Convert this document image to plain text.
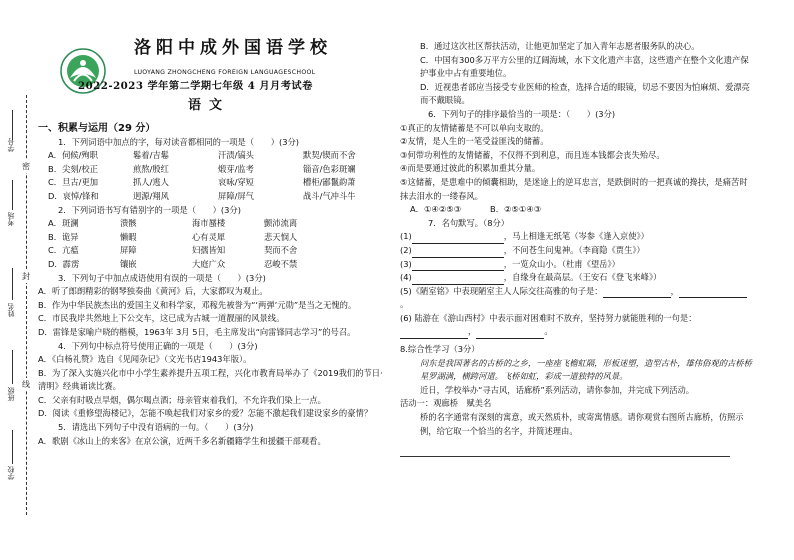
学号
考场
姓名
班级
学校
密
封
线
洛阳中成外国语学校
LUOYANG ZHONGCHENG FOREIGN LANGUAGESCHOOL
2022-2023 学年第二学期七年级 4 月月考试卷
语文
一、积累与运用（29 分）

1．下列词语中加点的字，每对读音都相同的一项是（　　）(3分)

A．伺候/殉职	鬈着/吉鬈	汗渍/镐头	默契/锲而不舍
B．尖刻/校正	煎熬/殷红	煅芽/监考	锱音/色彩斑斓
C．旦古/更加	抓人/逃人	哀咏/穿短	槽柜/鄙鬣韵萧
D．哀悼/锋和	迥源/翔风	屏障/屏气	战斗/气冲斗牛

2．下列词语书写有错别字的一项是（　　）(3分)

A．斑澜	溃骸	海市蜃楼	颤沛流离
B．诡异	懒暇	心有灵犀	悲天悯人
C．亢瘟	屏障	妇孺皆知	契而不舍
D．霹雳	镶嵌	大庭广众	忍峻不禁

3．下列句子中加点成语使用有误的一项是（　　）(3分)

A．听了郎朗精彩的钢琴独奏曲《黄河》后，大家都叹为观止。

B．作为中华民族杰出的爱国主义和科学家，邓稼先被誉为“‘两弹’元勋”是当之无愧的。

C．市民我岸共然地上下公交车，这已成为古城一道靓丽的风景线。

D．雷锋是家喻户晓的楷模，1963年 3月 5日，毛主席发出“向雷锋同志学习”的号召。

4．下列句中标点符号使用正确的一项是（　　）(3分)

A．《白杨礼赞》选自《见闻杂记》（文光书店1943年版）。

B．为了深入实施兴化市中小学生素养提升五项工程，兴化市教育局举办了《2019我们的节日·清明》经典诵读比赛。

C．父亲有时吸点旱烟，偶尔喝点酒；母亲管束着我们，不允许我们染上一点。

D．阅读《重修望海楼记》，怎能不唤起我们对家乡的爱？怎能不激起我们建设家乡的豪情？

5．请选出下列句子中没有语病的一句。（　　）(3分)

A．歌剧《冰山上的来客》在京公演，近两千多名新疆籍学生和援疆干部观看。

B．通过这次社区帮扶活动，让他更加坚定了加入青年志愿者服务队的决心。

C．中国有300多万平方公里的辽阔海域，水下文化遗产丰富，这些遗产在整个文化遗产保护事业中占有重要地位。

D．近视患者部应当接受专业医师的检查，选择合适的眼镜，切忌不要因为怕麻烦、爱漂亮而不戴眼镜。

6．下列句子的排序最恰当的一项是：（　　）(3分)

①真正的友情储蓄是不可以单向支取的。

②友情，是人生的一笔受益匪浅的储蓄。

③何带功利性的友情储蓄，不仅得不到利息，而且连本钱都会丧失殆尽。

④而是要通过彼此的积累加重其分量。

⑤这储蓄，是患难中的倾囊相助，是迷途上的逆耳忠言，是跌倒时的一把真诚的搀扶，是痛苦时抹去泪水的一缕春风。

A．①④②⑤③	B．②⑤①④③

7．名句默写。（8分）

(1)	，马上相逢无纸笔（岑参《逢入京使》）

(2)	，不问苍生问鬼神。（李商隐《贾生》）

(3)	，一览众山小。（杜甫《望岳》）

(4)	，自缘身在最高层。（王安石《登飞来峰》）

(5)《陋室铭》中表现陋室主人人际交往高雅的句子是：	，。

(6) 陆游在《游山西村》中表示面对困难时不放弃，坚持努力就能胜利的一句是：，	。

8.综合性学习（3分）

问东是我国著名的古桥的之乡，一座座飞檐虹隔，形板迷塑，造型古朴，雄伟俗观的古桥桥星罗湖满，横跨河道。飞桥如虹，彩成一道独特的风景。

近日，学校举办“寻古风，话廊桥”系列活动，请你参加，并完成下列活动。

活动一：观廊桥　赋美名

桥的名字通常有深刻的寓意，或天然质朴，或寄寓情感。请你观赏右图所古廊桥，仿照示例，给它取一个恰当的名字，并简述理由。
